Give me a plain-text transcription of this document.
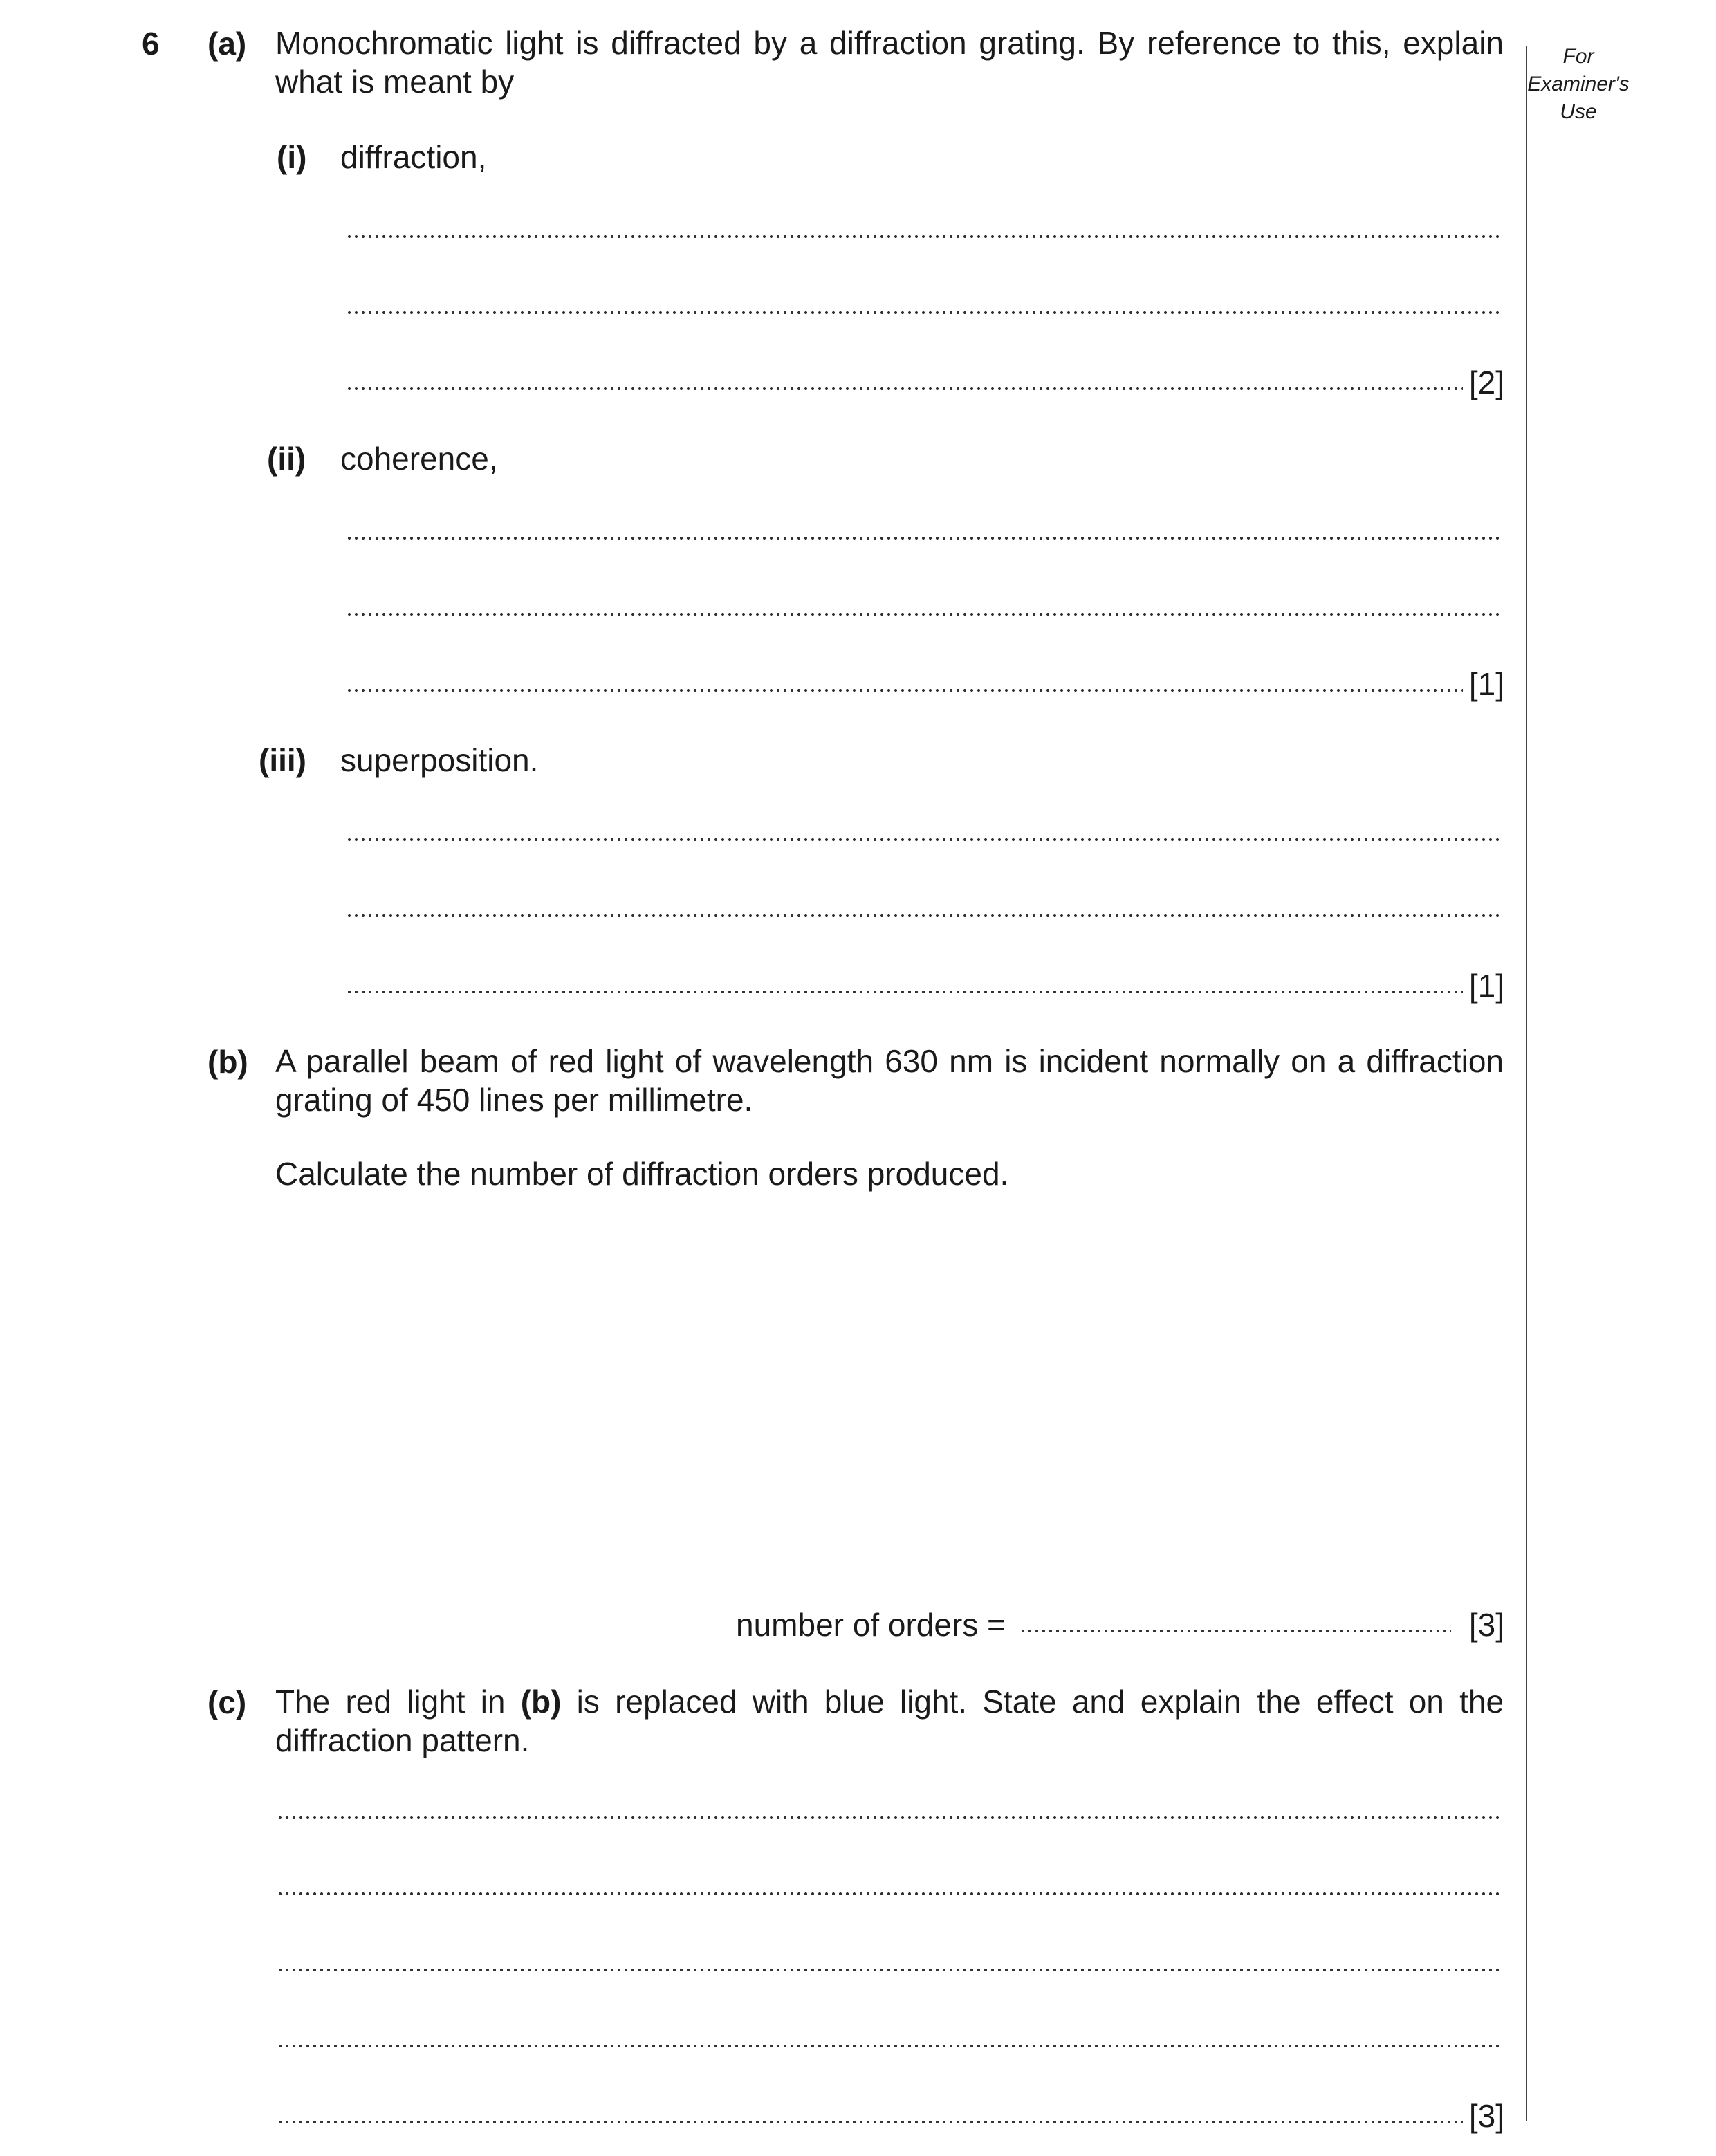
6	For
Examiner's
Use
(a) Monochromatic light is diffracted by a diffraction grating. By reference to this, explain what is meant by
(i) diffraction,
[2]
(ii) coherence,
[1]
(iii) superposition.
[1]
(b) A parallel beam of red light of wavelength 630 nm is incident normally on a diffraction grating of 450 lines per millimetre.
Calculate the number of diffraction orders produced.
number of orders =	[3]
(c) The red light in (b) is replaced with blue light. State and explain the effect on the diffraction pattern.
[3]
